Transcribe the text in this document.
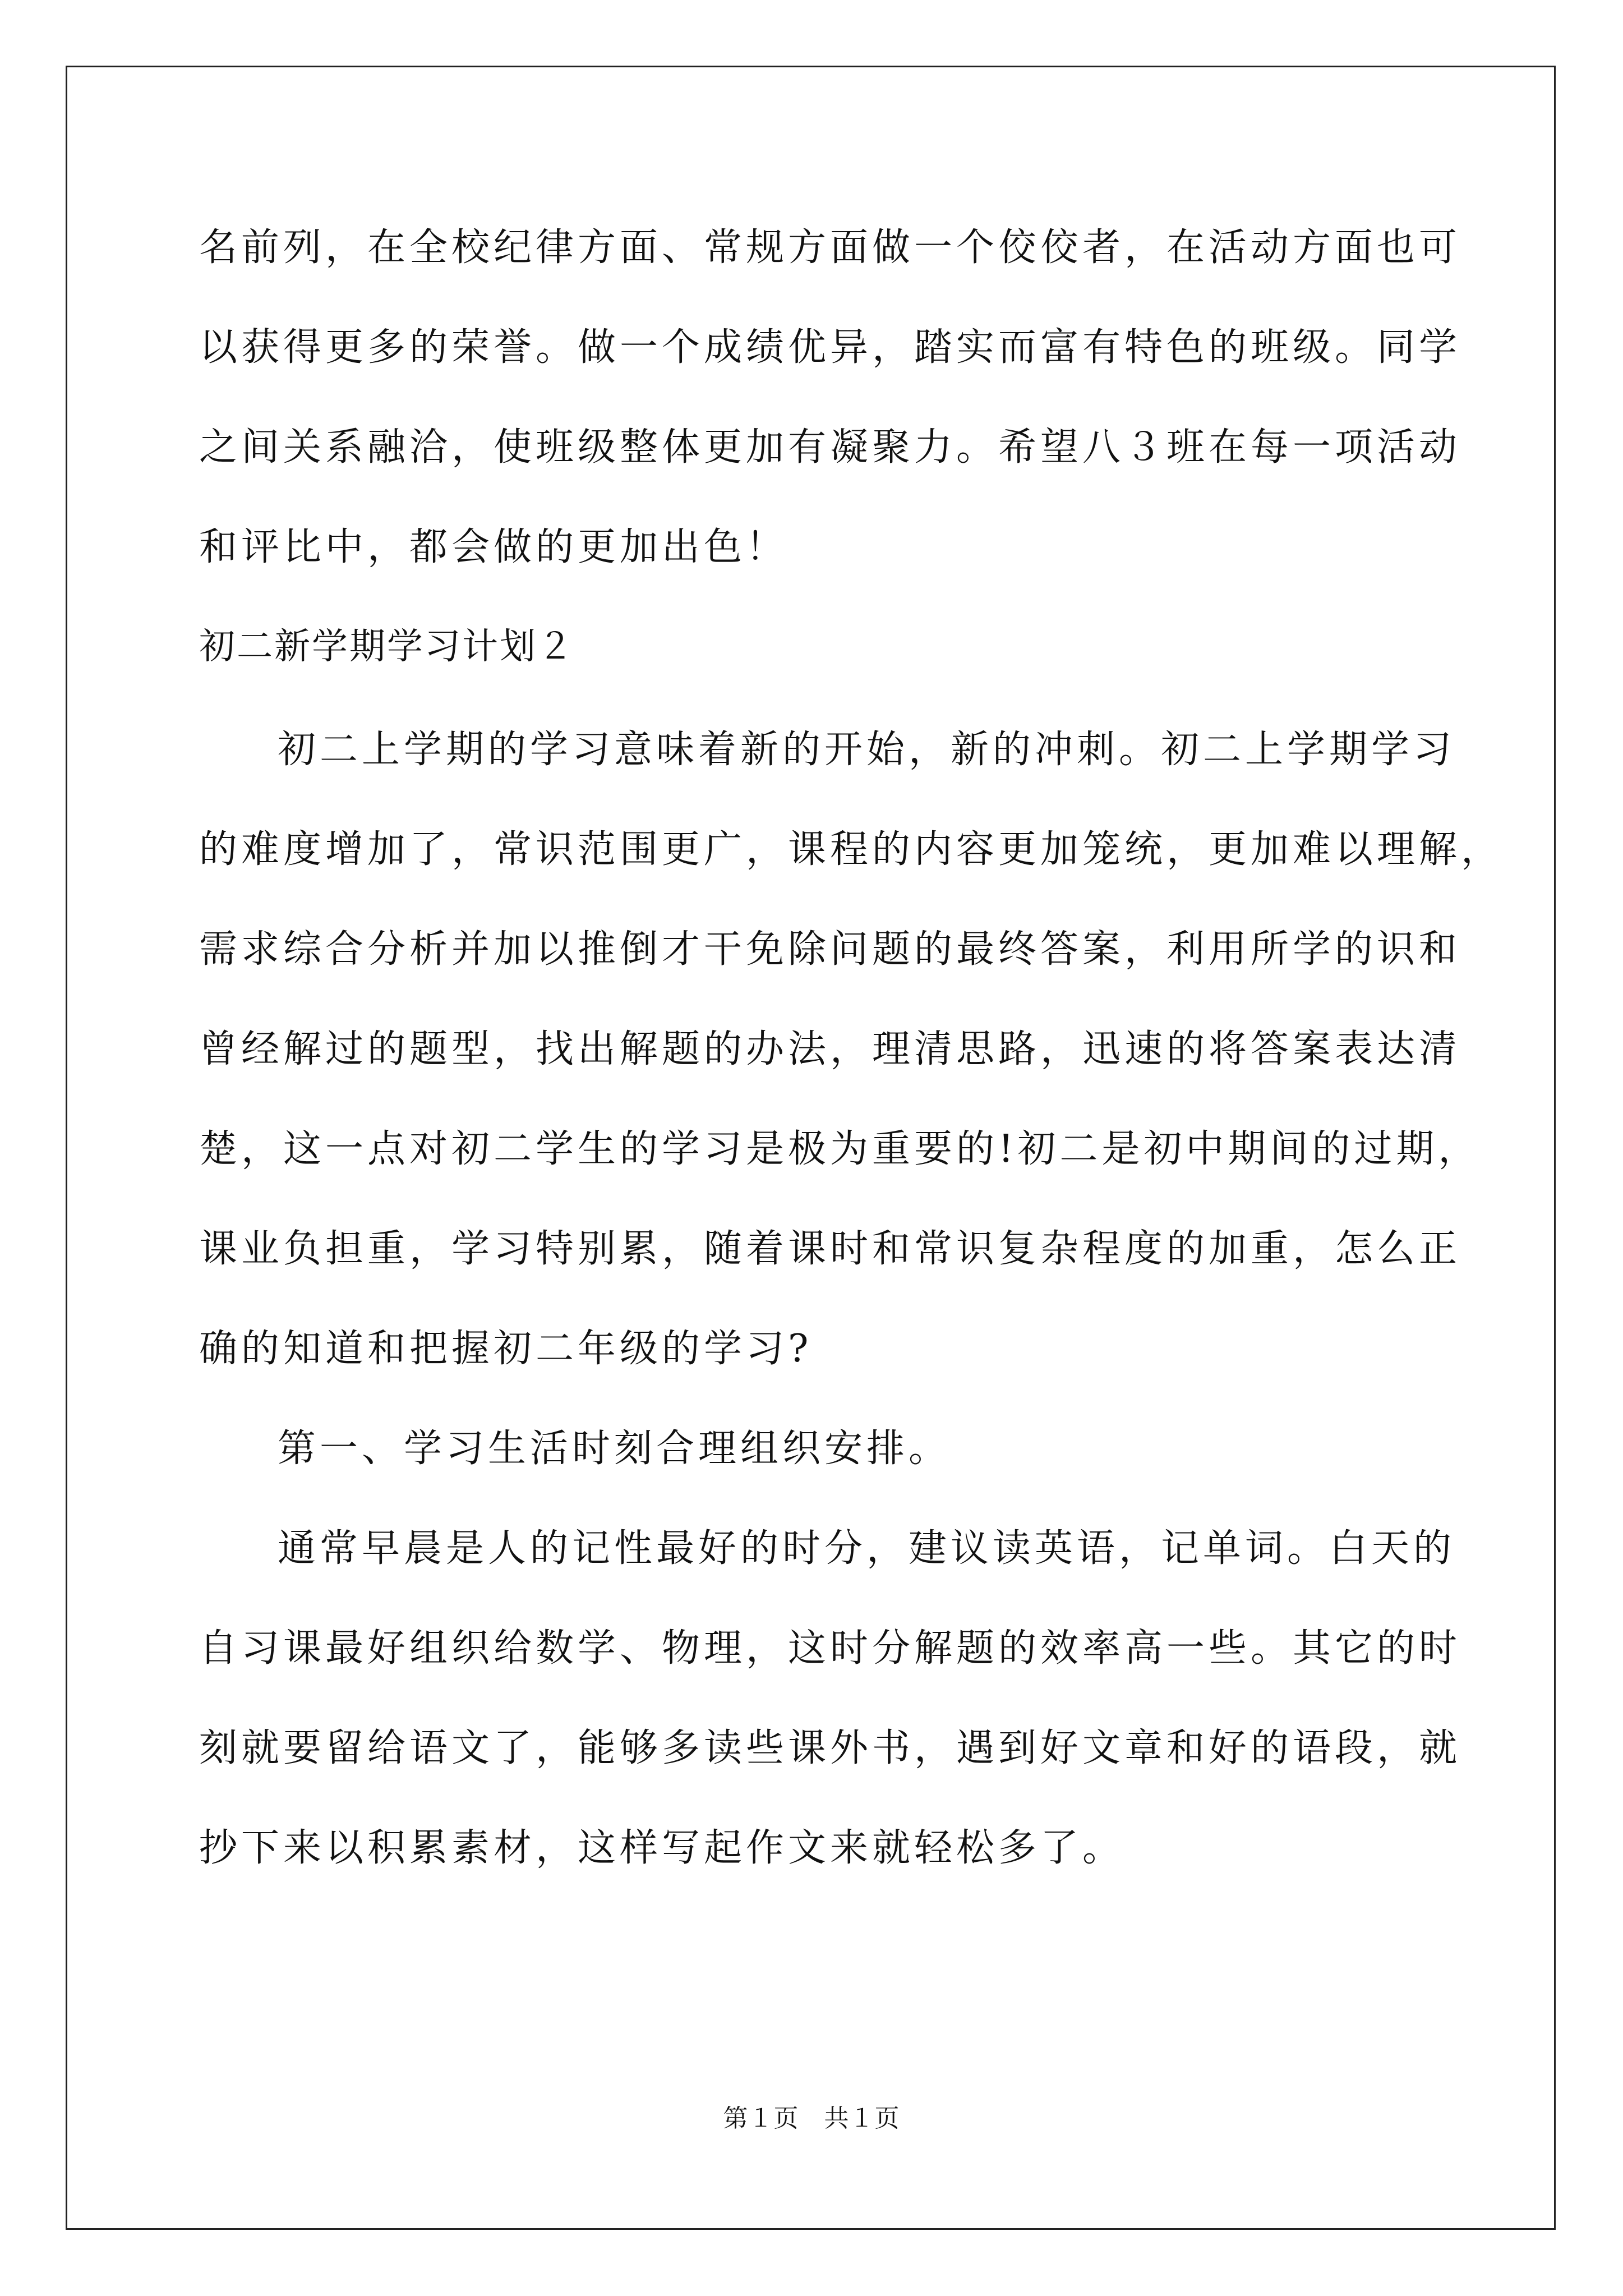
名前列，在全校纪律方面、常规方面做一个佼佼者，在活动方面也可
以获得更多的荣誉。做一个成绩优异，踏实而富有特色的班级。同学
之间关系融洽，使班级整体更加有凝聚力。希望八３班在每一项活动
和评比中，都会做的更加出色！
初二新学期学习计划２
初二上学期的学习意味着新的开始，新的冲刺。初二上学期学习
的难度增加了，常识范围更广，课程的内容更加笼统，更加难以理解，
需求综合分析并加以推倒才干免除问题的最终答案，利用所学的识和
曾经解过的题型，找出解题的办法，理清思路，迅速的将答案表达清
楚，这一点对初二学生的学习是极为重要的!初二是初中期间的过期，
课业负担重，学习特别累，随着课时和常识复杂程度的加重，怎么正
确的知道和把握初二年级的学习?
第一、学习生活时刻合理组织安排。
通常早晨是人的记性最好的时分，建议读英语，记单词。白天的
自习课最好组织给数学、物理，这时分解题的效率高一些。其它的时
刻就要留给语文了，能够多读些课外书，遇到好文章和好的语段，就
抄下来以积累素材，这样写起作文来就轻松多了。
第１页　共１页
